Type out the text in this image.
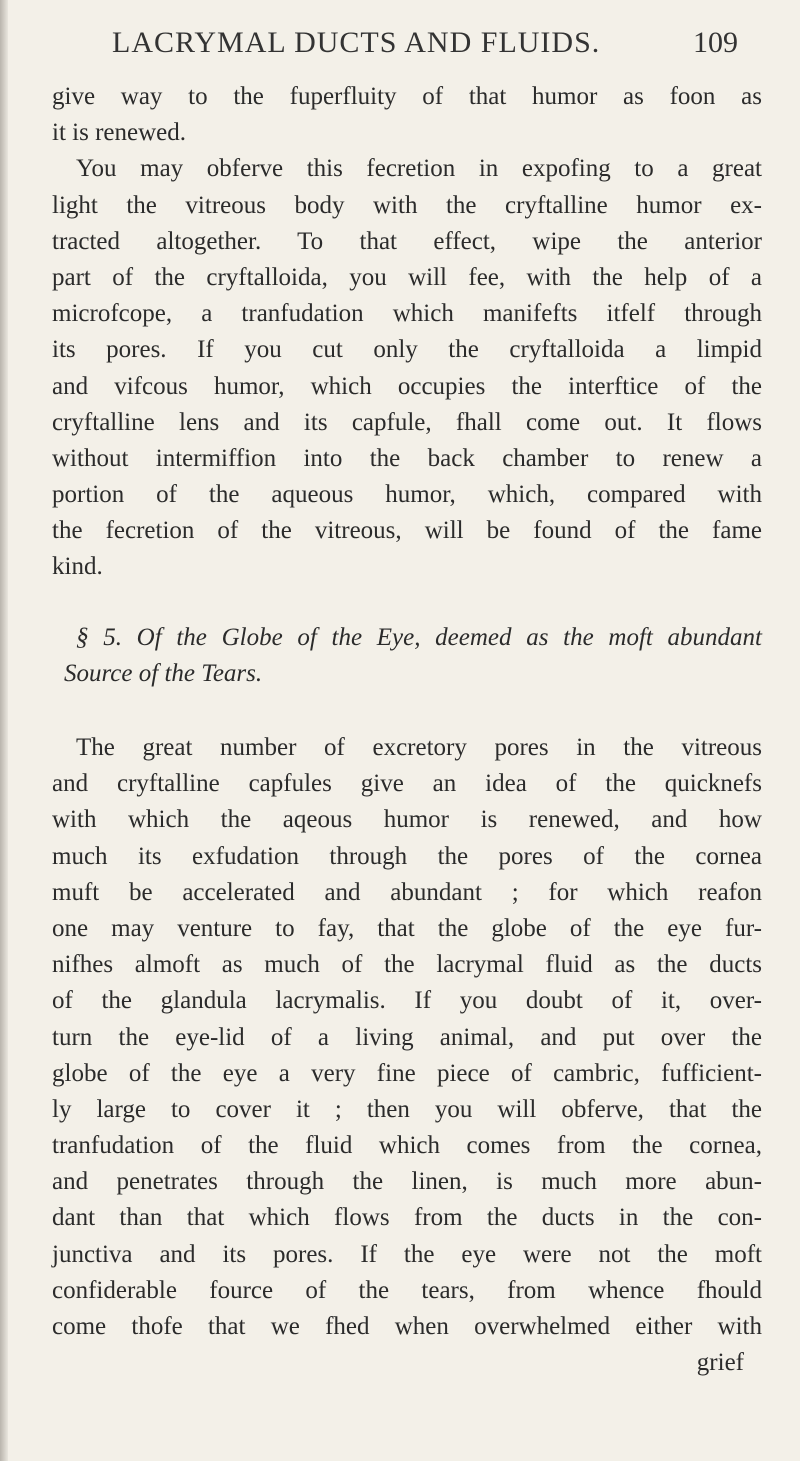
LACRYMAL DUCTS AND FLUIDS.	109
give way to the fuperfluity of that humor as foon as
it is renewed.
You may obferve this fecretion in expofing to a great
light the vitreous body with the cryftalline humor ex-
tracted altogether. To that effect, wipe the anterior
part of the cryftalloida, you will fee, with the help of a
microfcope, a tranfudation which manifefts itfelf through
its pores. If you cut only the cryftalloida a limpid
and vifcous humor, which occupies the interftice of the
cryftalline lens and its capfule, fhall come out. It flows
without intermiffion into the back chamber to renew a
portion of the aqueous humor, which, compared with
the fecretion of the vitreous, will be found of the fame
kind.
§ 5. Of the Globe of the Eye, deemed as the moft abundant
Source of the Tears.
The great number of excretory pores in the vitreous
and cryftalline capfules give an idea of the quicknefs
with which the aqeous humor is renewed, and how
much its exfudation through the pores of the cornea
muft be accelerated and abundant ; for which reafon
one may venture to fay, that the globe of the eye fur-
nifhes almoft as much of the lacrymal fluid as the ducts
of the glandula lacrymalis. If you doubt of it, over-
turn the eye-lid of a living animal, and put over the
globe of the eye a very fine piece of cambric, fufficient-
ly large to cover it ; then you will obferve, that the
tranfudation of the fluid which comes from the cornea,
and penetrates through the linen, is much more abun-
dant than that which flows from the ducts in the con-
junctiva and its pores. If the eye were not the moft
confiderable fource of the tears, from whence fhould
come thofe that we fhed when overwhelmed either with
grief
